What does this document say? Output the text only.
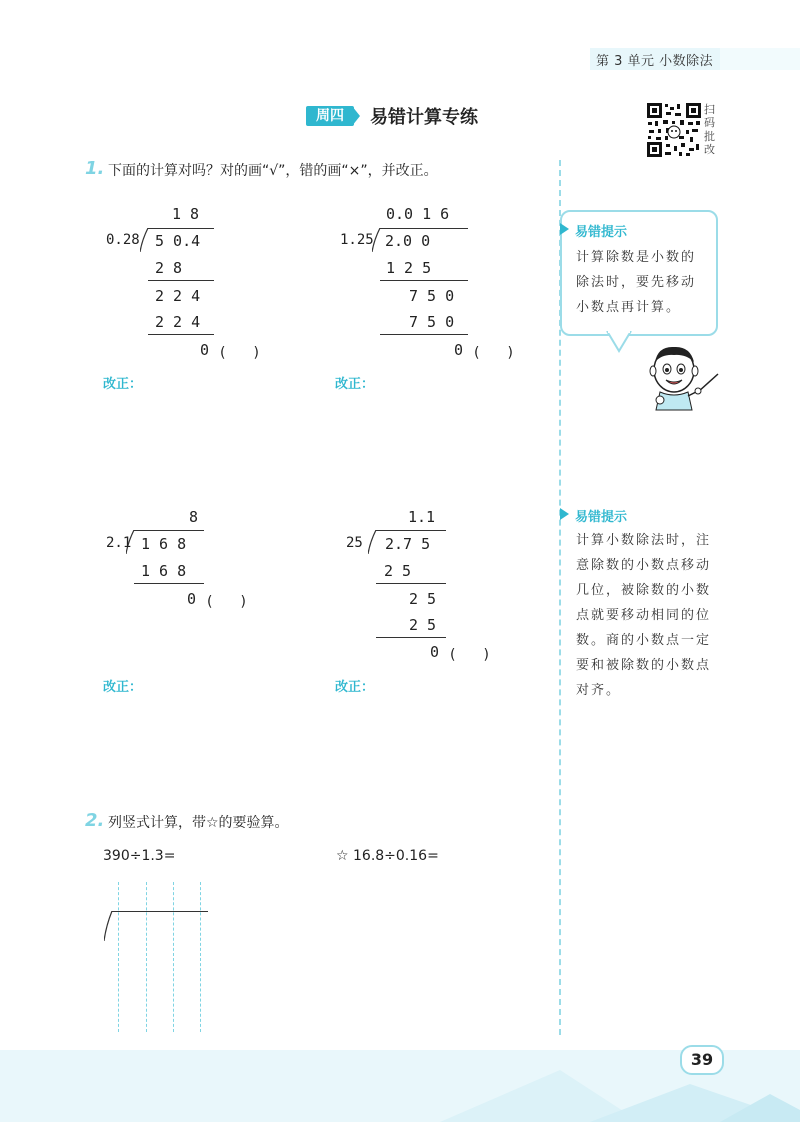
第 3 单元 小数除法
周四	易错计算专练	扫
码
批
改
1. 下面的计算对吗？对的画“√”，错的画“×”，并改正。
1 8
0.28 5 0.4
2 8
2 2 4
2 2 4
0 (　　)
改正：
0.0 1 6
1.25 2.0 0
1 2 5
7 5 0
7 5 0
0 (　　)
改正：
8
2.1 1 6 8
1 6 8
0 (　　)
改正：
1.1
25 2.7 5
2 5
2 5
2 5
0 (　　)
改正：
2. 列竖式计算，带☆的要验算。
390÷1.3=	☆ 16.8÷0.16=
易错提示
计算除数是小数的除法时，要先移动小数点再计算。
易错提示
计算小数除法时，注意除数的小数点移动几位，被除数的小数点就要移动相同的位数。商的小数点一定要和被除数的小数点对齐。
39
